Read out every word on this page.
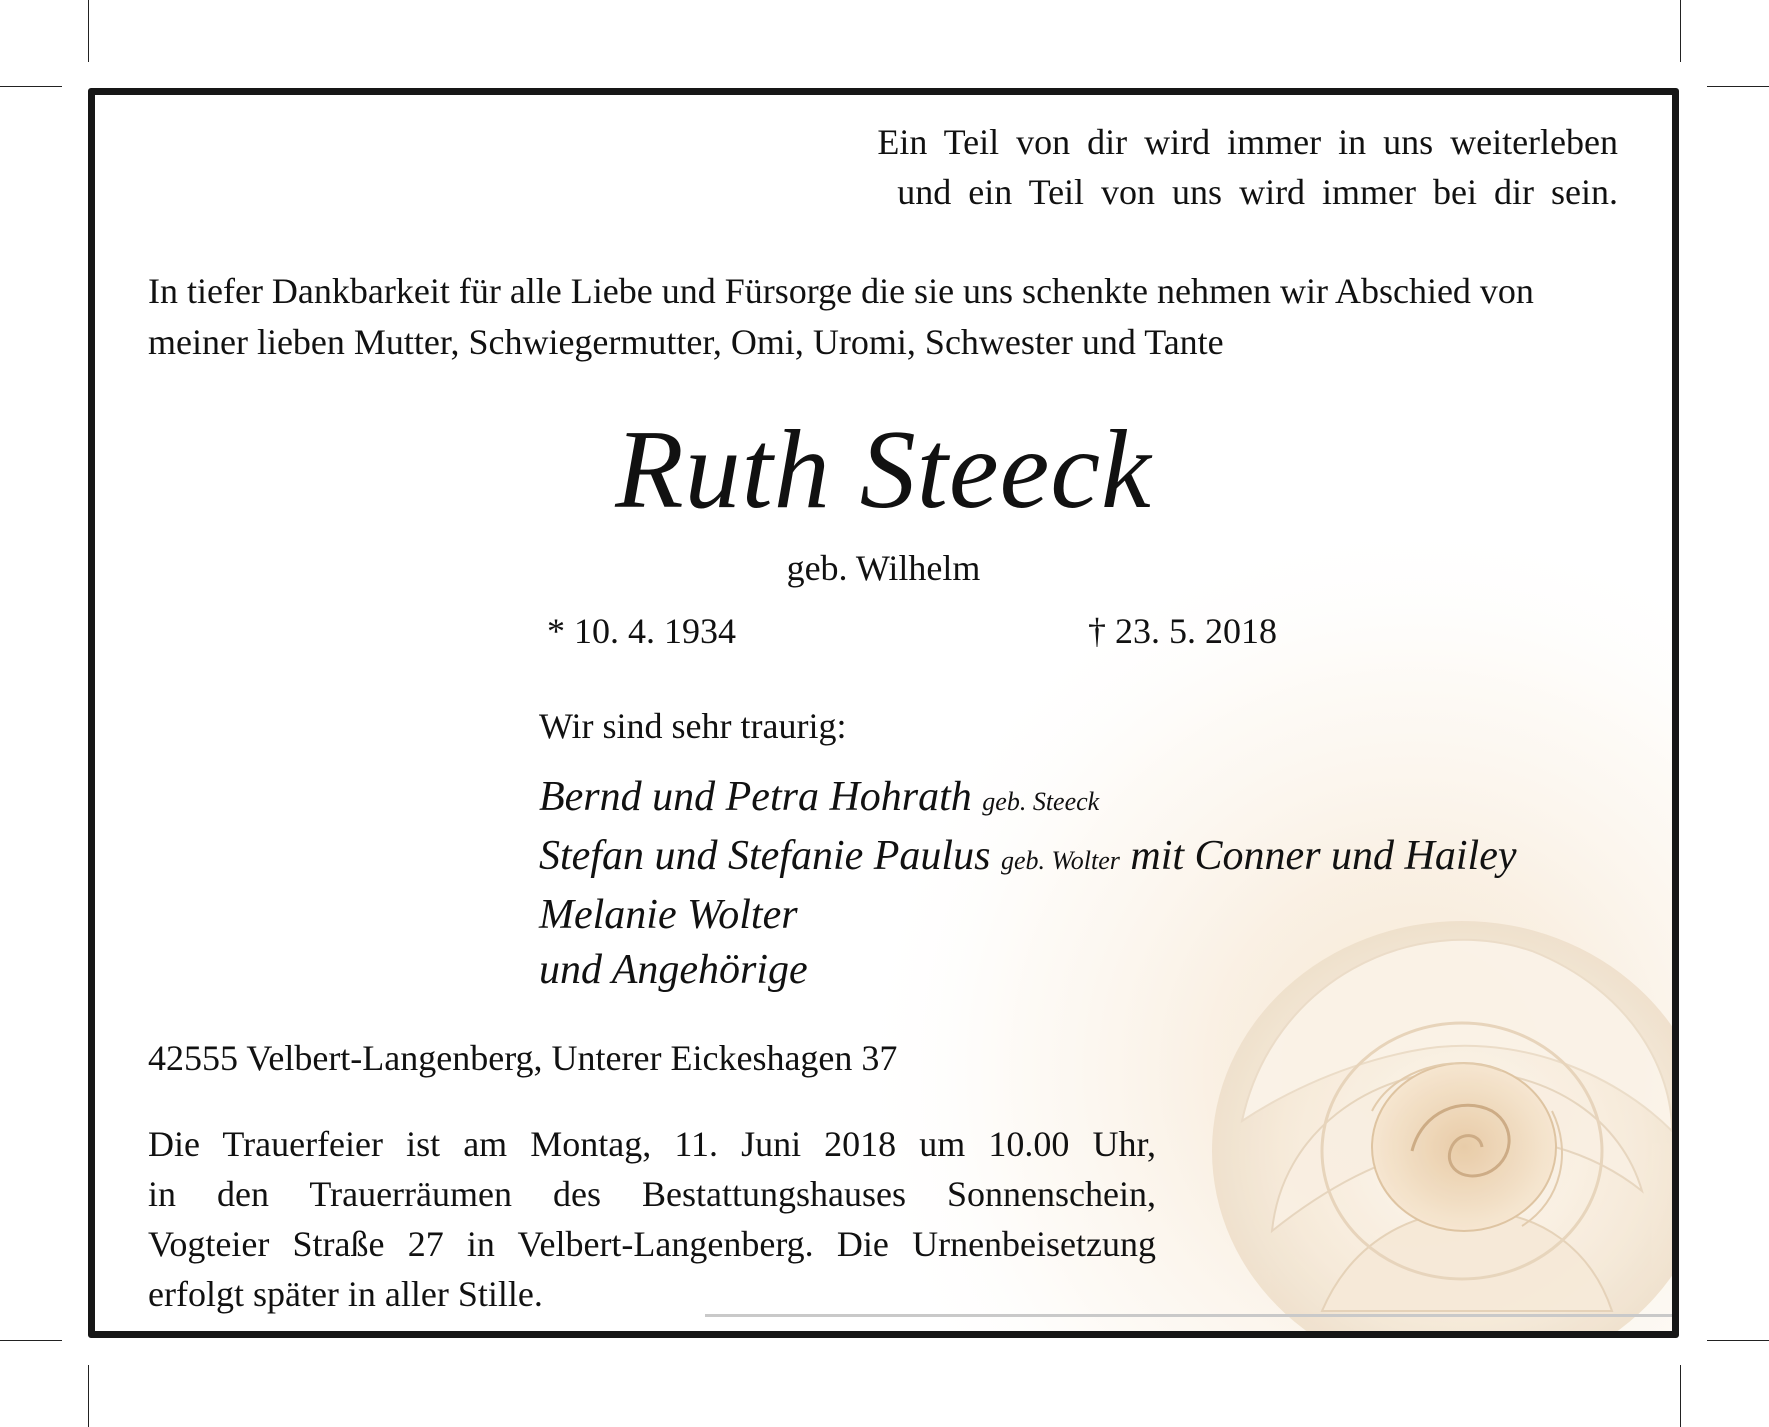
Ein Teil von dir wird immer in uns weiterleben
und ein Teil von uns wird immer bei dir sein.
In tiefer Dankbarkeit für alle Liebe und Fürsorge die sie uns schenkte nehmen wir Abschied von
meiner lieben Mutter, Schwiegermutter, Omi, Uromi, Schwester und Tante
Ruth Steeck
geb. Wilhelm
* 10. 4. 1934	† 23. 5. 2018
Wir sind sehr traurig:
Bernd und Petra Hohrath geb. Steeck
Stefan und Stefanie Paulus geb. Wolter mit Conner und Hailey
Melanie Wolter
und Angehörige
42555 Velbert-Langenberg, Unterer Eickeshagen 37
Die Trauerfeier ist am Montag, 11. Juni 2018 um 10.00 Uhr,
in den Trauerräumen des Bestattungshauses Sonnenschein,
Vogteier Straße 27 in Velbert-Langenberg. Die Urnenbeisetzung
erfolgt später in aller Stille.
